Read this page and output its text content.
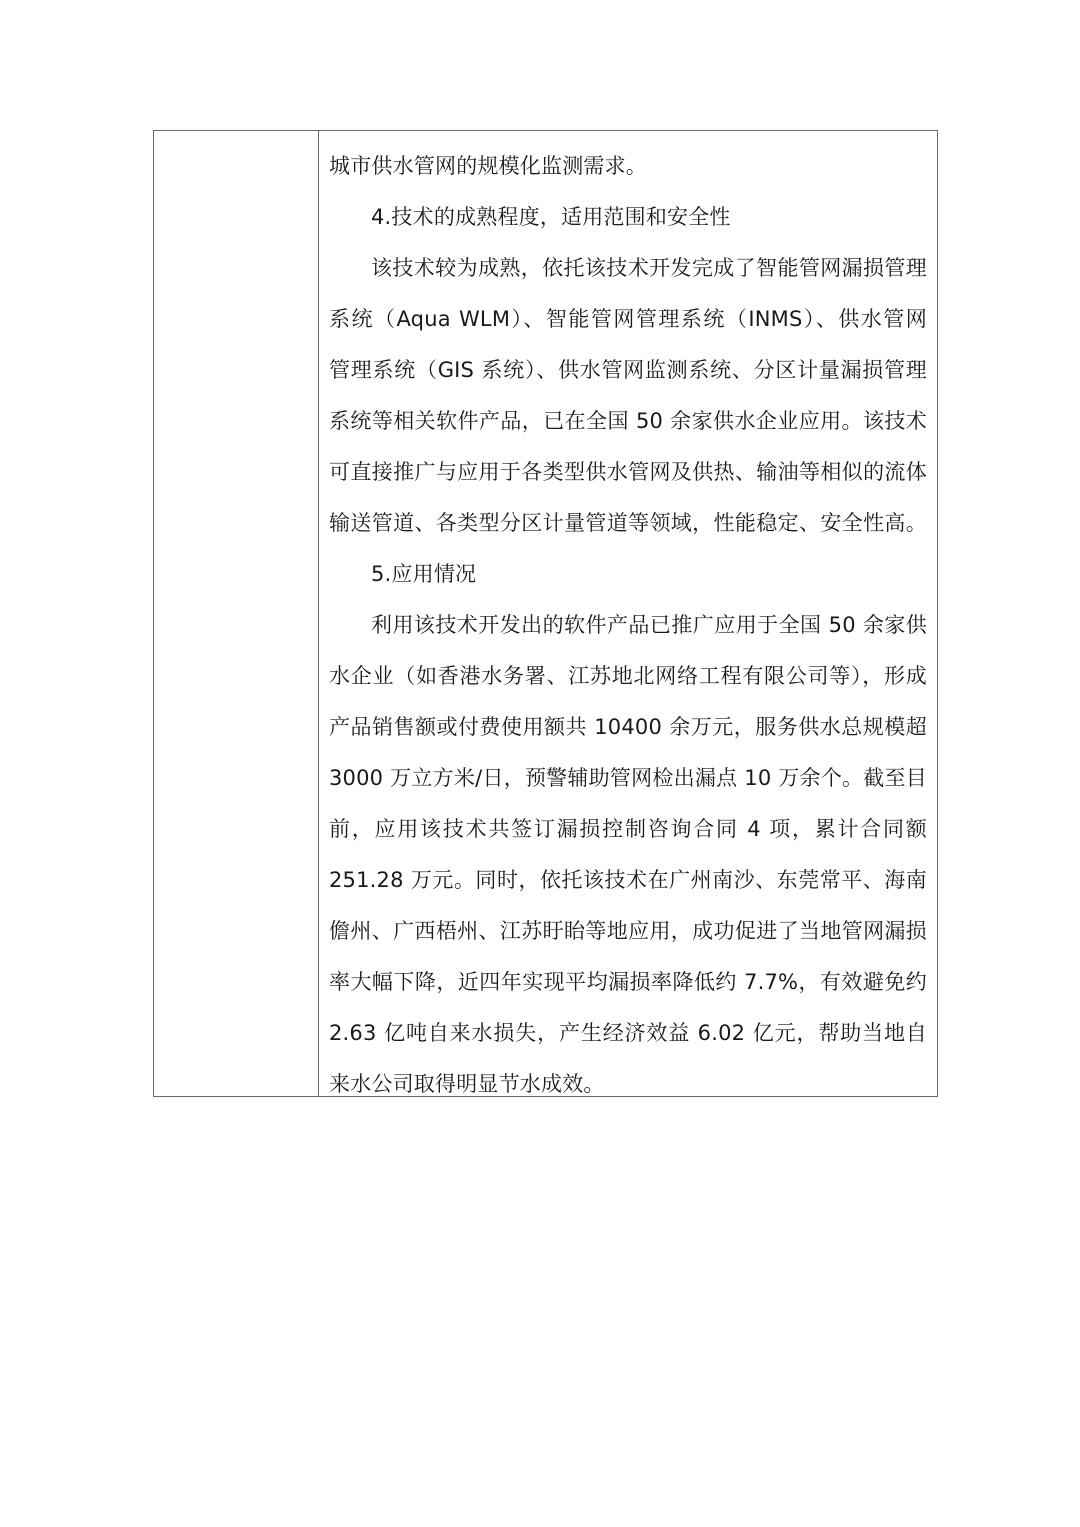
城市供水管网的规模化监测需求。
4.技术的成熟程度，适用范围和安全性
该技术较为成熟，依托该技术开发完成了智能管网漏损管理
系统（Aqua WLM）、智能管网管理系统（INMS）、供水管网
管理系统（GIS 系统）、供水管网监测系统、分区计量漏损管理
系统等相关软件产品，已在全国 50 余家供水企业应用。该技术
可直接推广与应用于各类型供水管网及供热、输油等相似的流体
输送管道、各类型分区计量管道等领域，性能稳定、安全性高。
5.应用情况
利用该技术开发出的软件产品已推广应用于全国 50 余家供
水企业（如香港水务署、江苏地北网络工程有限公司等），形成
产品销售额或付费使用额共 10400 余万元，服务供水总规模超
3000 万立方米/日，预警辅助管网检出漏点 10 万余个。截至目
前，应用该技术共签订漏损控制咨询合同 4 项，累计合同额
251.28 万元。同时，依托该技术在广州南沙、东莞常平、海南
儋州、广西梧州、江苏盱眙等地应用，成功促进了当地管网漏损
率大幅下降，近四年实现平均漏损率降低约 7.7%，有效避免约
2.63 亿吨自来水损失，产生经济效益 6.02 亿元，帮助当地自
来水公司取得明显节水成效。
